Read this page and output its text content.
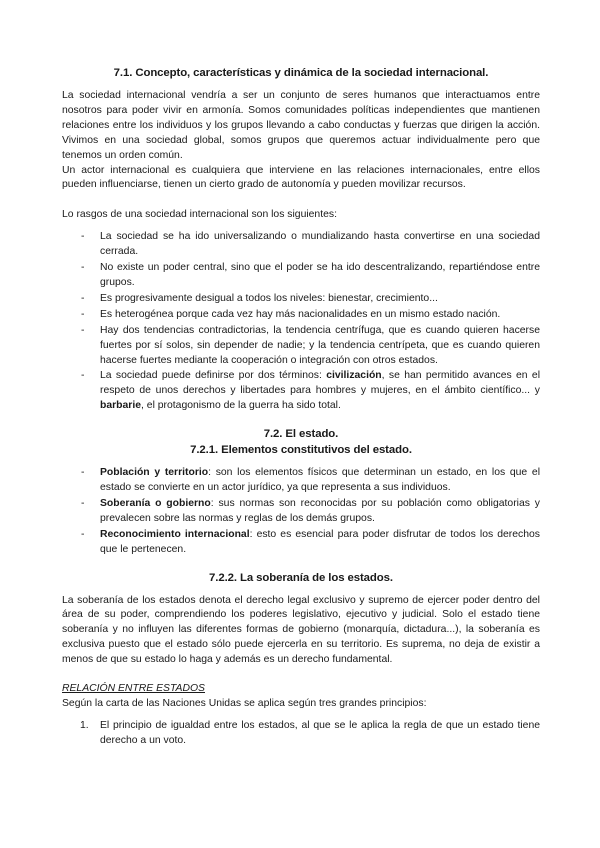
7.1. Concepto, características y dinámica de la sociedad internacional.

La sociedad internacional vendría a ser un conjunto de seres humanos que interactuamos entre nosotros para poder vivir en armonía. Somos comunidades políticas independientes que mantienen relaciones entre los individuos y los grupos llevando a cabo conductas y fuerzas que dirigen la acción. Vivimos en una sociedad global, somos grupos que queremos actuar individualmente pero que tenemos un orden común.

Un actor internacional es cualquiera que interviene en las relaciones internacionales, entre ellos pueden influenciarse, tienen un cierto grado de autonomía y pueden movilizar recursos.

Lo rasgos de una sociedad internacional son los siguientes:

- La sociedad se ha ido universalizando o mundializando hasta convertirse en una sociedad cerrada.
- No existe un poder central, sino que el poder se ha ido descentralizando, repartiéndose entre grupos.
- Es progresivamente desigual a todos los niveles: bienestar, crecimiento...
- Es heterogénea porque cada vez hay más nacionalidades en un mismo estado nación.
- Hay dos tendencias contradictorias, la tendencia centrífuga, que es cuando quieren hacerse fuertes por sí solos, sin depender de nadie; y la tendencia centrípeta, que es cuando quieren hacerse fuertes mediante la cooperación o integración con otros estados.
- La sociedad puede definirse por dos términos: civilización, se han permitido avances en el respeto de unos derechos y libertades para hombres y mujeres, en el ámbito científico... y barbarie, el protagonismo de la guerra ha sido total.
7.2. El estado.
7.2.1. Elementos constitutivos del estado.
- Población y territorio: son los elementos físicos que determinan un estado, en los que el estado se convierte en un actor jurídico, ya que representa a sus individuos.
- Soberanía o gobierno: sus normas son reconocidas por su población como obligatorias y prevalecen sobre las normas y reglas de los demás grupos.
- Reconocimiento internacional: esto es esencial para poder disfrutar de todos los derechos que le pertenecen.
7.2.2. La soberanía de los estados.

La soberanía de los estados denota el derecho legal exclusivo y supremo de ejercer poder dentro del área de su poder, comprendiendo los poderes legislativo, ejecutivo y judicial. Solo el estado tiene soberanía y no influyen las diferentes formas de gobierno (monarquía, dictadura...), la soberanía es exclusiva puesto que el estado sólo puede ejercerla en su territorio. Es suprema, no deja de existir a menos de que su estado lo haga y además es un derecho fundamental.

RELACIÓN ENTRE ESTADOS

Según la carta de las Naciones Unidas se aplica según tres grandes principios:

1. El principio de igualdad entre los estados, al que se le aplica la regla de que un estado tiene derecho a un voto.
